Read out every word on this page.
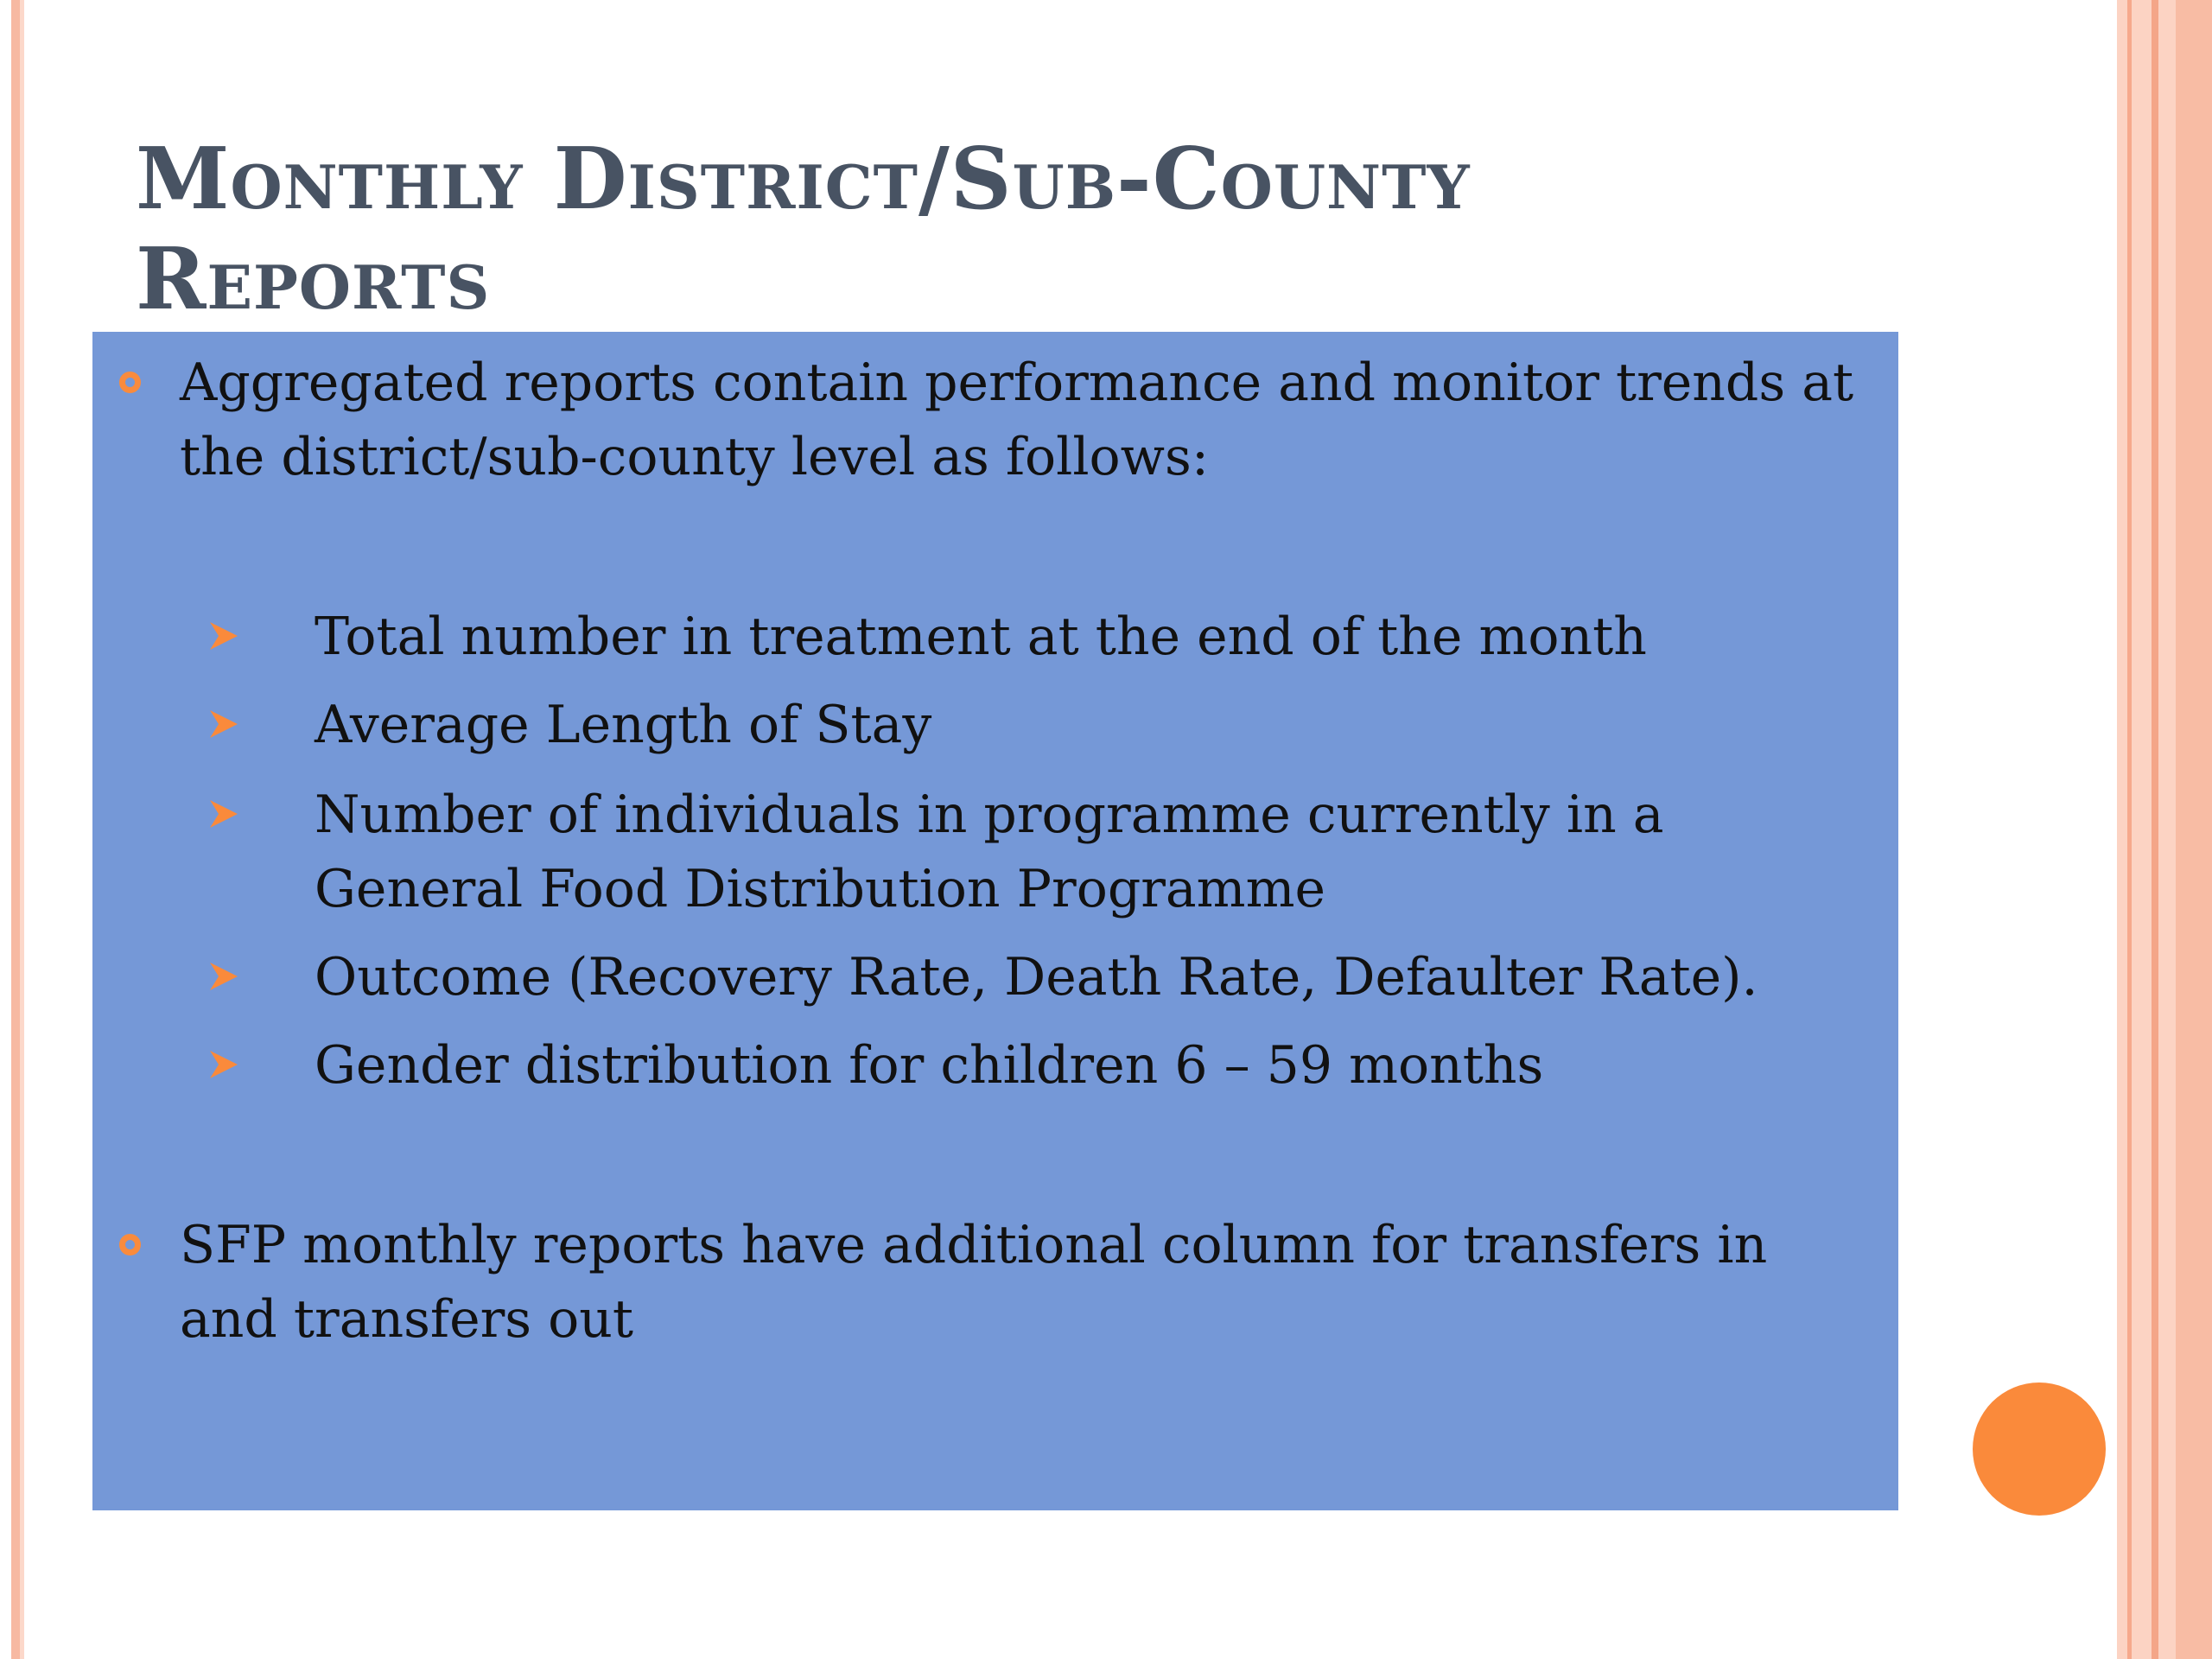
Monthly District/Sub-County Reports
Aggregated reports contain performance and monitor trends at the district/sub-county level as follows:
Total number in treatment at the end of the month
Average Length of Stay
Number of individuals in programme currently in a General Food Distribution Programme
Outcome (Recovery Rate, Death Rate, Defaulter Rate).
Gender distribution for children 6 – 59 months
SFP monthly reports have additional column for transfers in and transfers out
